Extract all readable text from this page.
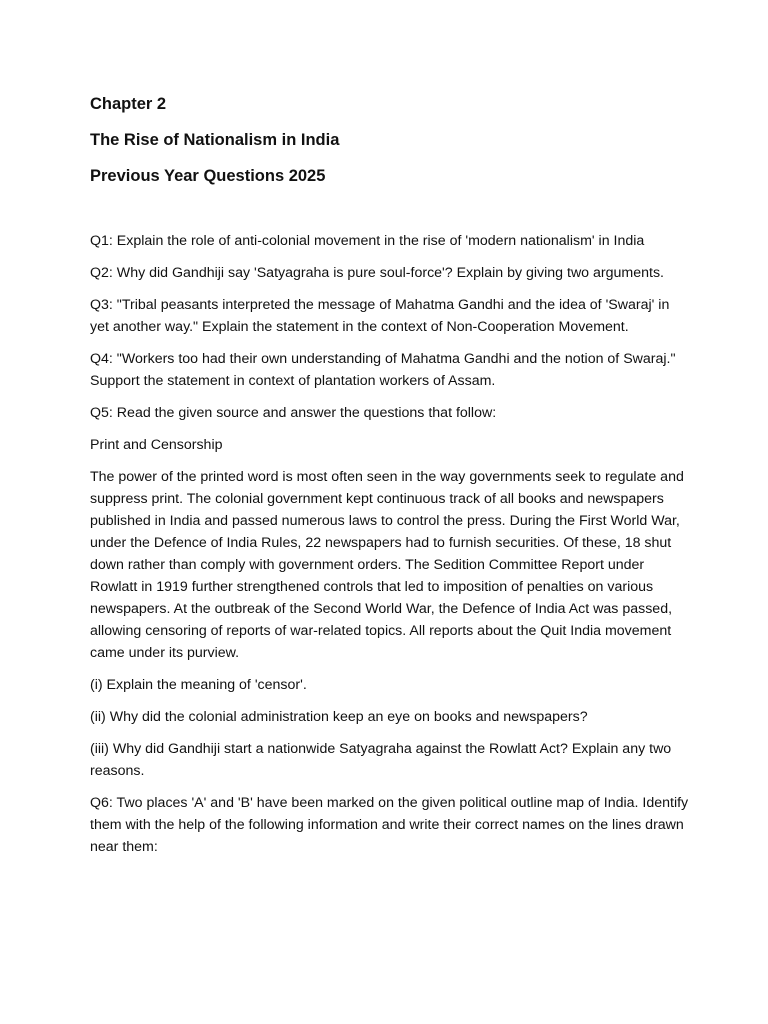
Chapter 2
The Rise of Nationalism in India
Previous Year Questions 2025

Q1: Explain the role of anti-colonial movement in the rise of 'modern nationalism' in India

Q2: Why did Gandhiji say 'Satyagraha is pure soul-force'? Explain by giving two arguments.

Q3: "Tribal peasants interpreted the message of Mahatma Gandhi and the idea of 'Swaraj' in yet another way." Explain the statement in the context of Non-Cooperation Movement.

Q4: "Workers too had their own understanding of Mahatma Gandhi and the notion of Swaraj." Support the statement in context of plantation workers of Assam.

Q5: Read the given source and answer the questions that follow:

Print and Censorship

The power of the printed word is most often seen in the way governments seek to regulate and suppress print. The colonial government kept continuous track of all books and newspapers published in India and passed numerous laws to control the press. During the First World War, under the Defence of India Rules, 22 newspapers had to furnish securities. Of these, 18 shut down rather than comply with government orders. The Sedition Committee Report under Rowlatt in 1919 further strengthened controls that led to imposition of penalties on various newspapers. At the outbreak of the Second World War, the Defence of India Act was passed, allowing censoring of reports of war-related topics. All reports about the Quit India movement came under its purview.

(i) Explain the meaning of 'censor'.

(ii) Why did the colonial administration keep an eye on books and newspapers?

(iii) Why did Gandhiji start a nationwide Satyagraha against the Rowlatt Act? Explain any two reasons.

Q6: Two places 'A' and 'B' have been marked on the given political outline map of India. Identify them with the help of the following information and write their correct names on the lines drawn near them:
